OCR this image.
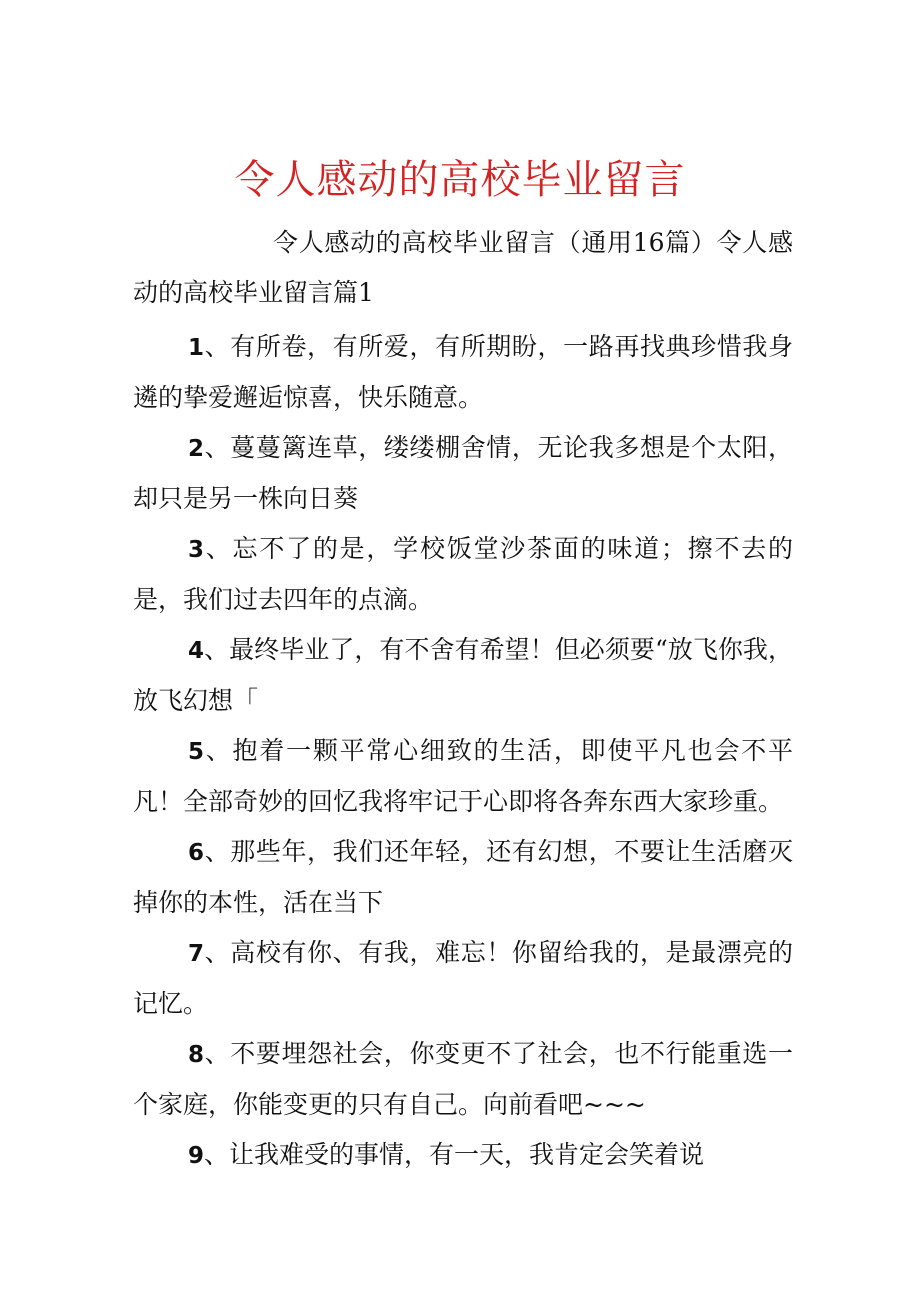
令人感动的高校毕业留言

令人感动的高校毕业留言（通用16篇）令人感动的高校毕业留言篇1

1、有所卷，有所爱，有所期盼，一路再找典珍惜我身遴的挚爱邂逅惊喜，快乐随意。

2、蔓蔓篱连草，缕缕棚舍情，无论我多想是个太阳，却只是另一株向日葵

3、忘不了的是，学校饭堂沙茶面的味道；擦不去的是，我们过去四年的点滴。

4、最终毕业了，有不舍有希望！但必须要“放飞你我，放飞幻想「

5、抱着一颗平常心细致的生活，即使平凡也会不平凡！全部奇妙的回忆我将牢记于心即将各奔东西大家珍重。

6、那些年，我们还年轻，还有幻想，不要让生活磨灭掉你的本性，活在当下

7、高校有你、有我，难忘！你留给我的，是最漂亮的记忆。

8、不要埋怨社会，你变更不了社会，也不行能重选一个家庭，你能变更的只有自己。向前看吧~~~

9、让我难受的事情，有一天，我肯定会笑着说
